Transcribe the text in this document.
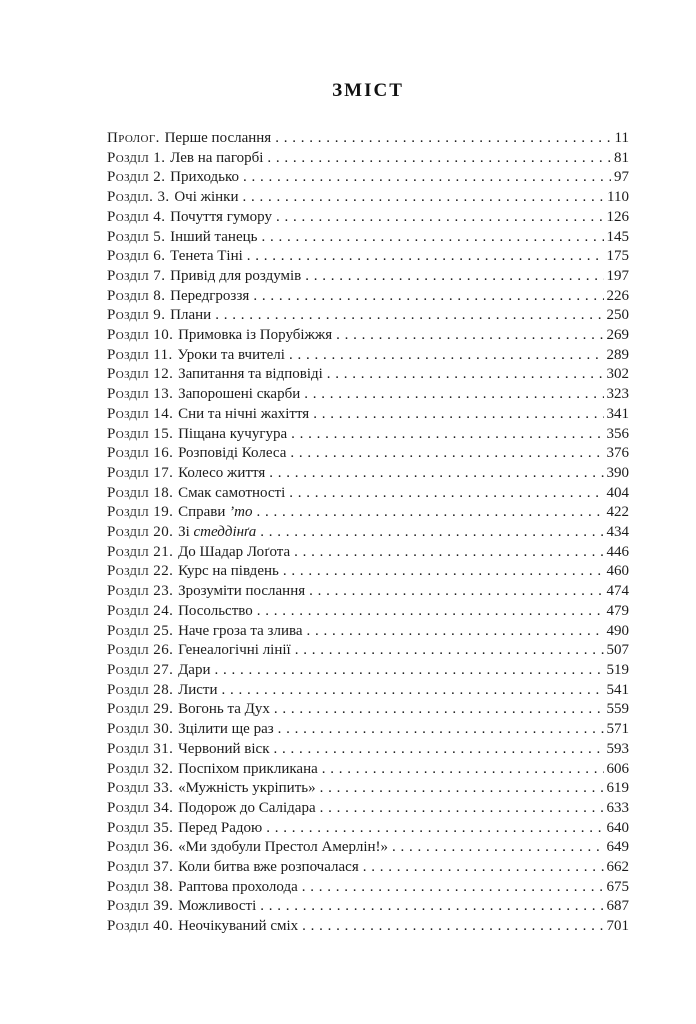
ЗМІСТ
Пролог. Перше послання . . .	11
Розділ 1. Лев на пагорбі . . .	81
Розділ 2. Приходько . . .	97
Розділ. 3. Очі жінки . . .	110
Розділ 4. Почуття гумору . . .	126
Розділ 5. Інший танець . . .	145
Розділ 6. Тенета Тіні . . .	175
Розділ 7. Привід для роздумів . . .	197
Розділ 8. Передгроззя . . .	226
Розділ 9. Плани . . .	250
Розділ 10. Примовка із Порубіжжя . . .	269
Розділ 11. Уроки та вчителі . . .	289
Розділ 12. Запитання та відповіді . . .	302
Розділ 13. Запорошені скарби . . .	323
Розділ 14. Сни та нічні жахіття . . .	341
Розділ 15. Піщана кучугура . . .	356
Розділ 16. Розповіді Колеса . . .	376
Розділ 17. Колесо життя . . .	390
Розділ 18. Смак самотності . . .	404
Розділ 19. Справи ’то . . .	422
Розділ 20. Зі стеддінґа . . .	434
Розділ 21. До Шадар Лоґота . . .	446
Розділ 22. Курс на південь . . .	460
Розділ 23. Зрозуміти послання . . .	474
Розділ 24. Посольство . . .	479
Розділ 25. Наче гроза та злива . . .	490
Розділ 26. Генеалогічні лінії . . .	507
Розділ 27. Дари . . .	519
Розділ 28. Листи . . .	541
Розділ 29. Вогонь та Дух . . .	559
Розділ 30. Зцілити ще раз . . .	571
Розділ 31. Червоний віск . . .	593
Розділ 32. Поспіхом прикликана . . .	606
Розділ 33. «Мужність укріпить» . . .	619
Розділ 34. Подорож до Салідара . . .	633
Розділ 35. Перед Радою . . .	640
Розділ 36. «Ми здобули Престол Амерлін!» . . .	649
Розділ 37. Коли битва вже розпочалася . . .	662
Розділ 38. Раптова прохолода . . .	675
Розділ 39. Можливості . . .	687
Розділ 40. Неочікуваний сміх . . .	701
